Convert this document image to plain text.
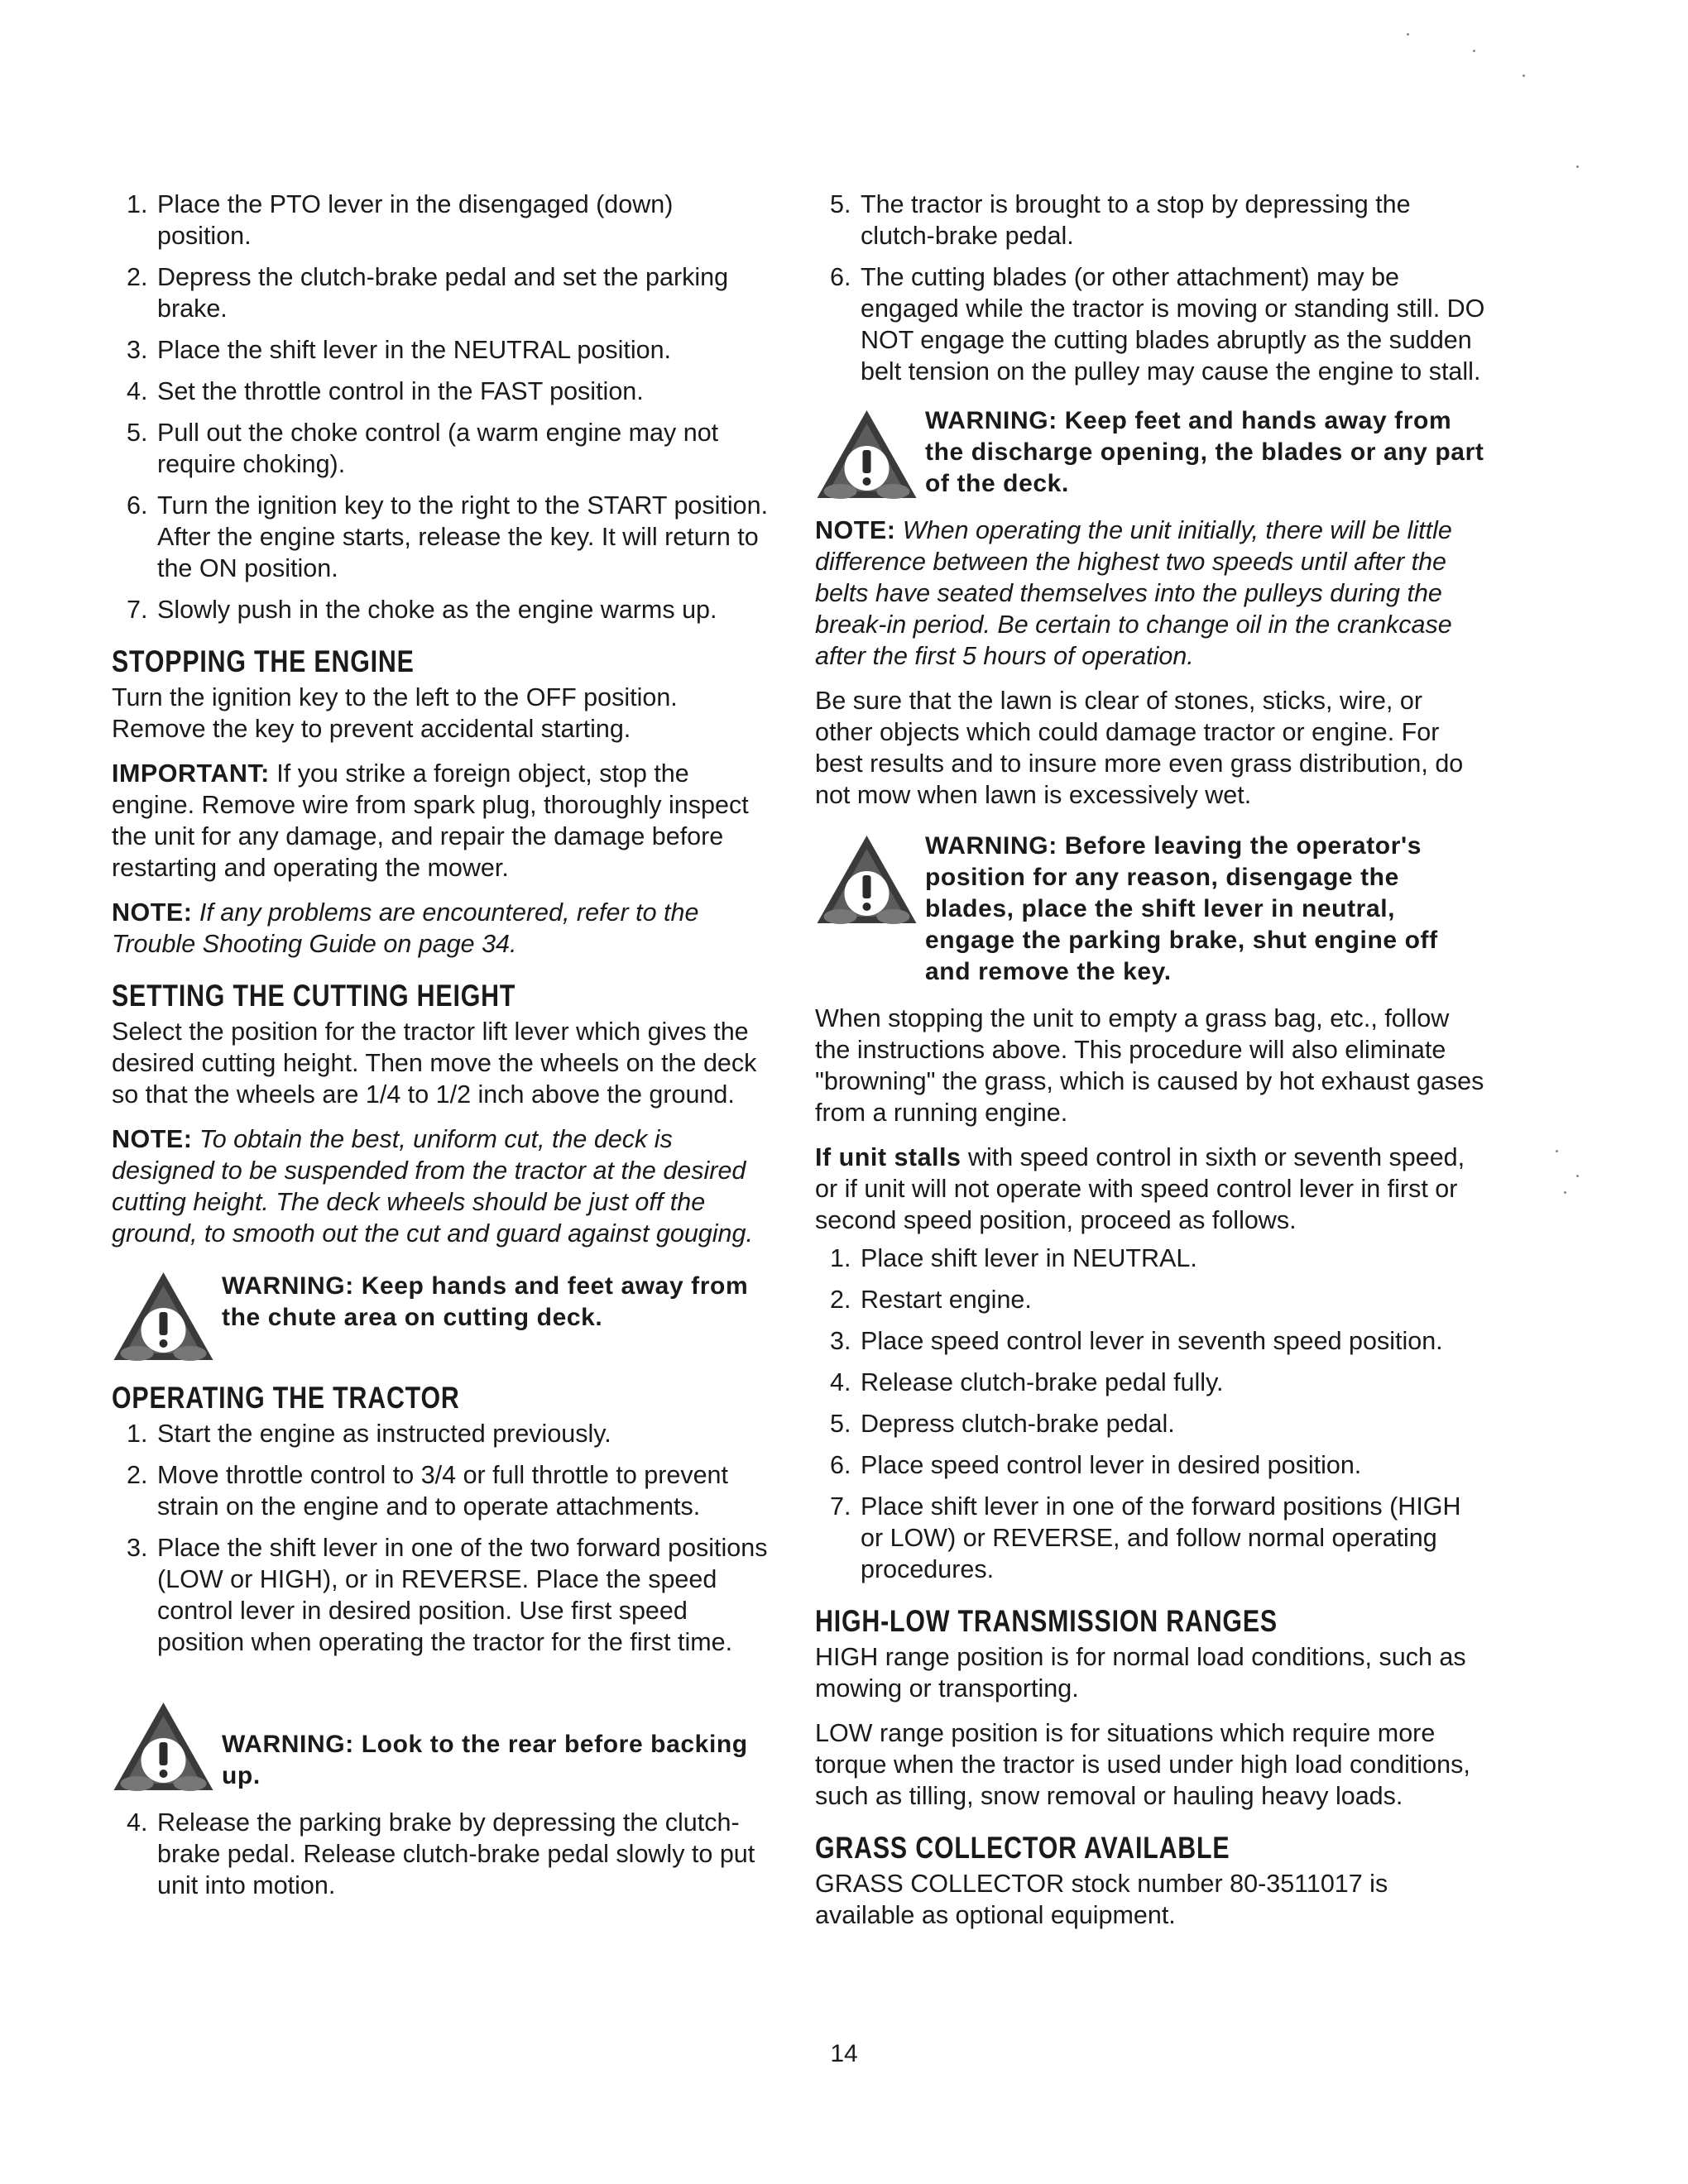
1. Place the PTO lever in the disengaged (down) position.
2. Depress the clutch-brake pedal and set the parking brake.
3. Place the shift lever in the NEUTRAL position.
4. Set the throttle control in the FAST position.
5. Pull out the choke control (a warm engine may not require choking).
6. Turn the ignition key to the right to the START position. After the engine starts, release the key. It will return to the ON position.
7. Slowly push in the choke as the engine warms up.
STOPPING THE ENGINE

Turn the ignition key to the left to the OFF position. Remove the key to prevent accidental starting.

IMPORTANT: If you strike a foreign object, stop the engine. Remove wire from spark plug, thoroughly inspect the unit for any damage, and repair the damage before restarting and operating the mower.

NOTE: If any problems are encountered, refer to the Trouble Shooting Guide on page 34.

SETTING THE CUTTING HEIGHT

Select the position for the tractor lift lever which gives the desired cutting height. Then move the wheels on the deck so that the wheels are 1/4 to 1/2 inch above the ground.

NOTE: To obtain the best, uniform cut, the deck is designed to be suspended from the tractor at the desired cutting height. The deck wheels should be just off the ground, to smooth out the cut and guard against gouging.

WARNING: Keep hands and feet away from the chute area on cutting deck.
OPERATING THE TRACTOR
1. Start the engine as instructed previously.
2. Move throttle control to 3/4 or full throttle to prevent strain on the engine and to operate attachments.
3. Place the shift lever in one of the two forward positions (LOW or HIGH), or in REVERSE. Place the speed control lever in desired position. Use first speed position when operating the tractor for the first time.
WARNING: Look to the rear before backing up.
4. Release the parking brake by depressing the clutch-brake pedal. Release clutch-brake pedal slowly to put unit into motion.
5. The tractor is brought to a stop by depressing the clutch-brake pedal.
6. The cutting blades (or other attachment) may be engaged while the tractor is moving or standing still. DO NOT engage the cutting blades abruptly as the sudden belt tension on the pulley may cause the engine to stall.
WARNING: Keep feet and hands away from the discharge opening, the blades or any part of the deck.

NOTE: When operating the unit initially, there will be little difference between the highest two speeds until after the belts have seated themselves into the pulleys during the break-in period. Be certain to change oil in the crankcase after the first 5 hours of operation.

Be sure that the lawn is clear of stones, sticks, wire, or other objects which could damage tractor or engine. For best results and to insure more even grass distribution, do not mow when lawn is excessively wet.

WARNING: Before leaving the operator's position for any reason, disengage the blades, place the shift lever in neutral, engage the parking brake, shut engine off and remove the key.

When stopping the unit to empty a grass bag, etc., follow the instructions above. This procedure will also eliminate "browning" the grass, which is caused by hot exhaust gases from a running engine.

If unit stalls with speed control in sixth or seventh speed, or if unit will not operate with speed control lever in first or second speed position, proceed as follows.

1. Place shift lever in NEUTRAL.
2. Restart engine.
3. Place speed control lever in seventh speed position.
4. Release clutch-brake pedal fully.
5. Depress clutch-brake pedal.
6. Place speed control lever in desired position.
7. Place shift lever in one of the forward positions (HIGH or LOW) or REVERSE, and follow normal operating procedures.
HIGH-LOW TRANSMISSION RANGES

HIGH range position is for normal load conditions, such as mowing or transporting.

LOW range position is for situations which require more torque when the tractor is used under high load conditions, such as tilling, snow removal or hauling heavy loads.

GRASS COLLECTOR AVAILABLE

GRASS COLLECTOR stock number 80-3511017 is available as optional equipment.

14
